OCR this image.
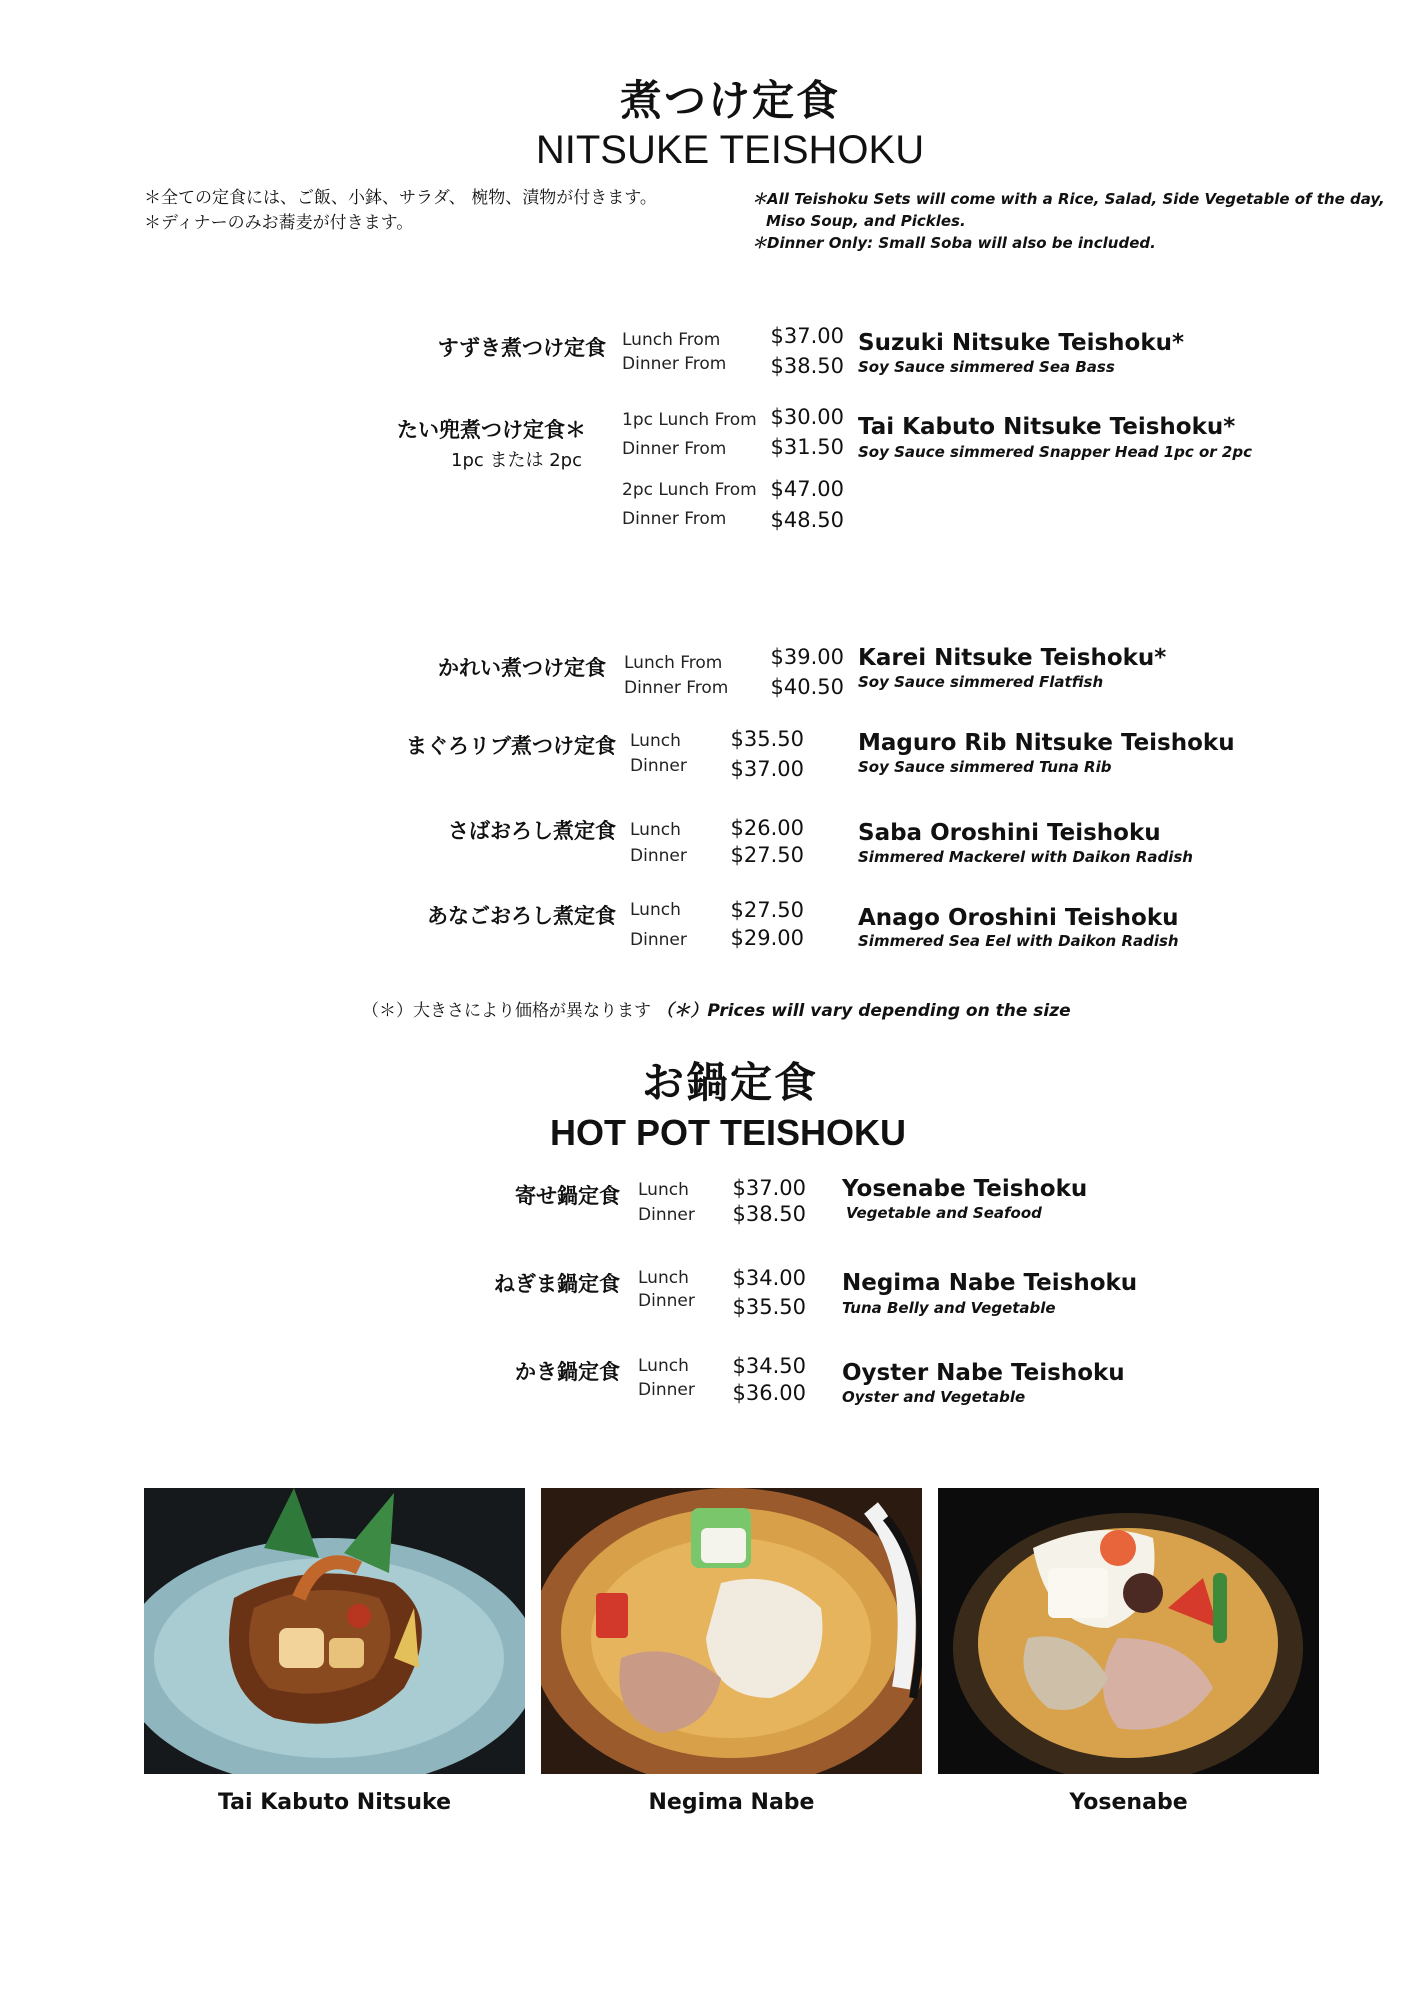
煮つけ定食
NITSUKE TEISHOKU
＊全ての定食には、ご飯、小鉢、サラダ、 椀物、漬物が付きます。
＊ディナーのみお蕎麦が付きます。
＊All Teishoku Sets will come with a Rice, Salad, Side Vegetable of the day,
Miso Soup, and Pickles.
＊Dinner Only: Small Soba will also be included.
すずき煮つけ定食 Lunch From
Dinner From
$37.00
$38.50
Suzuki Nitsuke Teishoku*
Soy Sauce simmered Sea Bass
たい兜煮つけ定食＊
1pc または 2pc
1pc Lunch From
Dinner From
2pc Lunch From
Dinner From
$30.00
$31.50
$47.00
$48.50
Tai Kabuto Nitsuke Teishoku*
Soy Sauce simmered Snapper Head 1pc or 2pc
かれい煮つけ定食 Lunch From
Dinner From
$39.00
$40.50
Karei Nitsuke Teishoku*
Soy Sauce simmered Flatfish
まぐろリブ煮つけ定食 Lunch
Dinner
$35.50
$37.00
Maguro Rib Nitsuke Teishoku
Soy Sauce simmered Tuna Rib
さばおろし煮定食 Lunch
Dinner
$26.00
$27.50
Saba Oroshini Teishoku
Simmered Mackerel with Daikon Radish
あなごおろし煮定食 Lunch
Dinner
$27.50
$29.00
Anago Oroshini Teishoku
Simmered Sea Eel with Daikon Radish
（＊）大きさにより価格が異なります （＊）Prices will vary depending on the size
お鍋定食
HOT POT TEISHOKU
寄せ鍋定食 Lunch
Dinner
$37.00
$38.50
Yosenabe Teishoku
Vegetable and Seafood
ねぎま鍋定食 Lunch
Dinner
$34.00
$35.50
Negima Nabe Teishoku
Tuna Belly and Vegetable
かき鍋定食 Lunch
Dinner
$34.50
$36.00
Oyster Nabe Teishoku
Oyster and Vegetable
Tai Kabuto Nitsuke	Negima Nabe	Yosenabe
